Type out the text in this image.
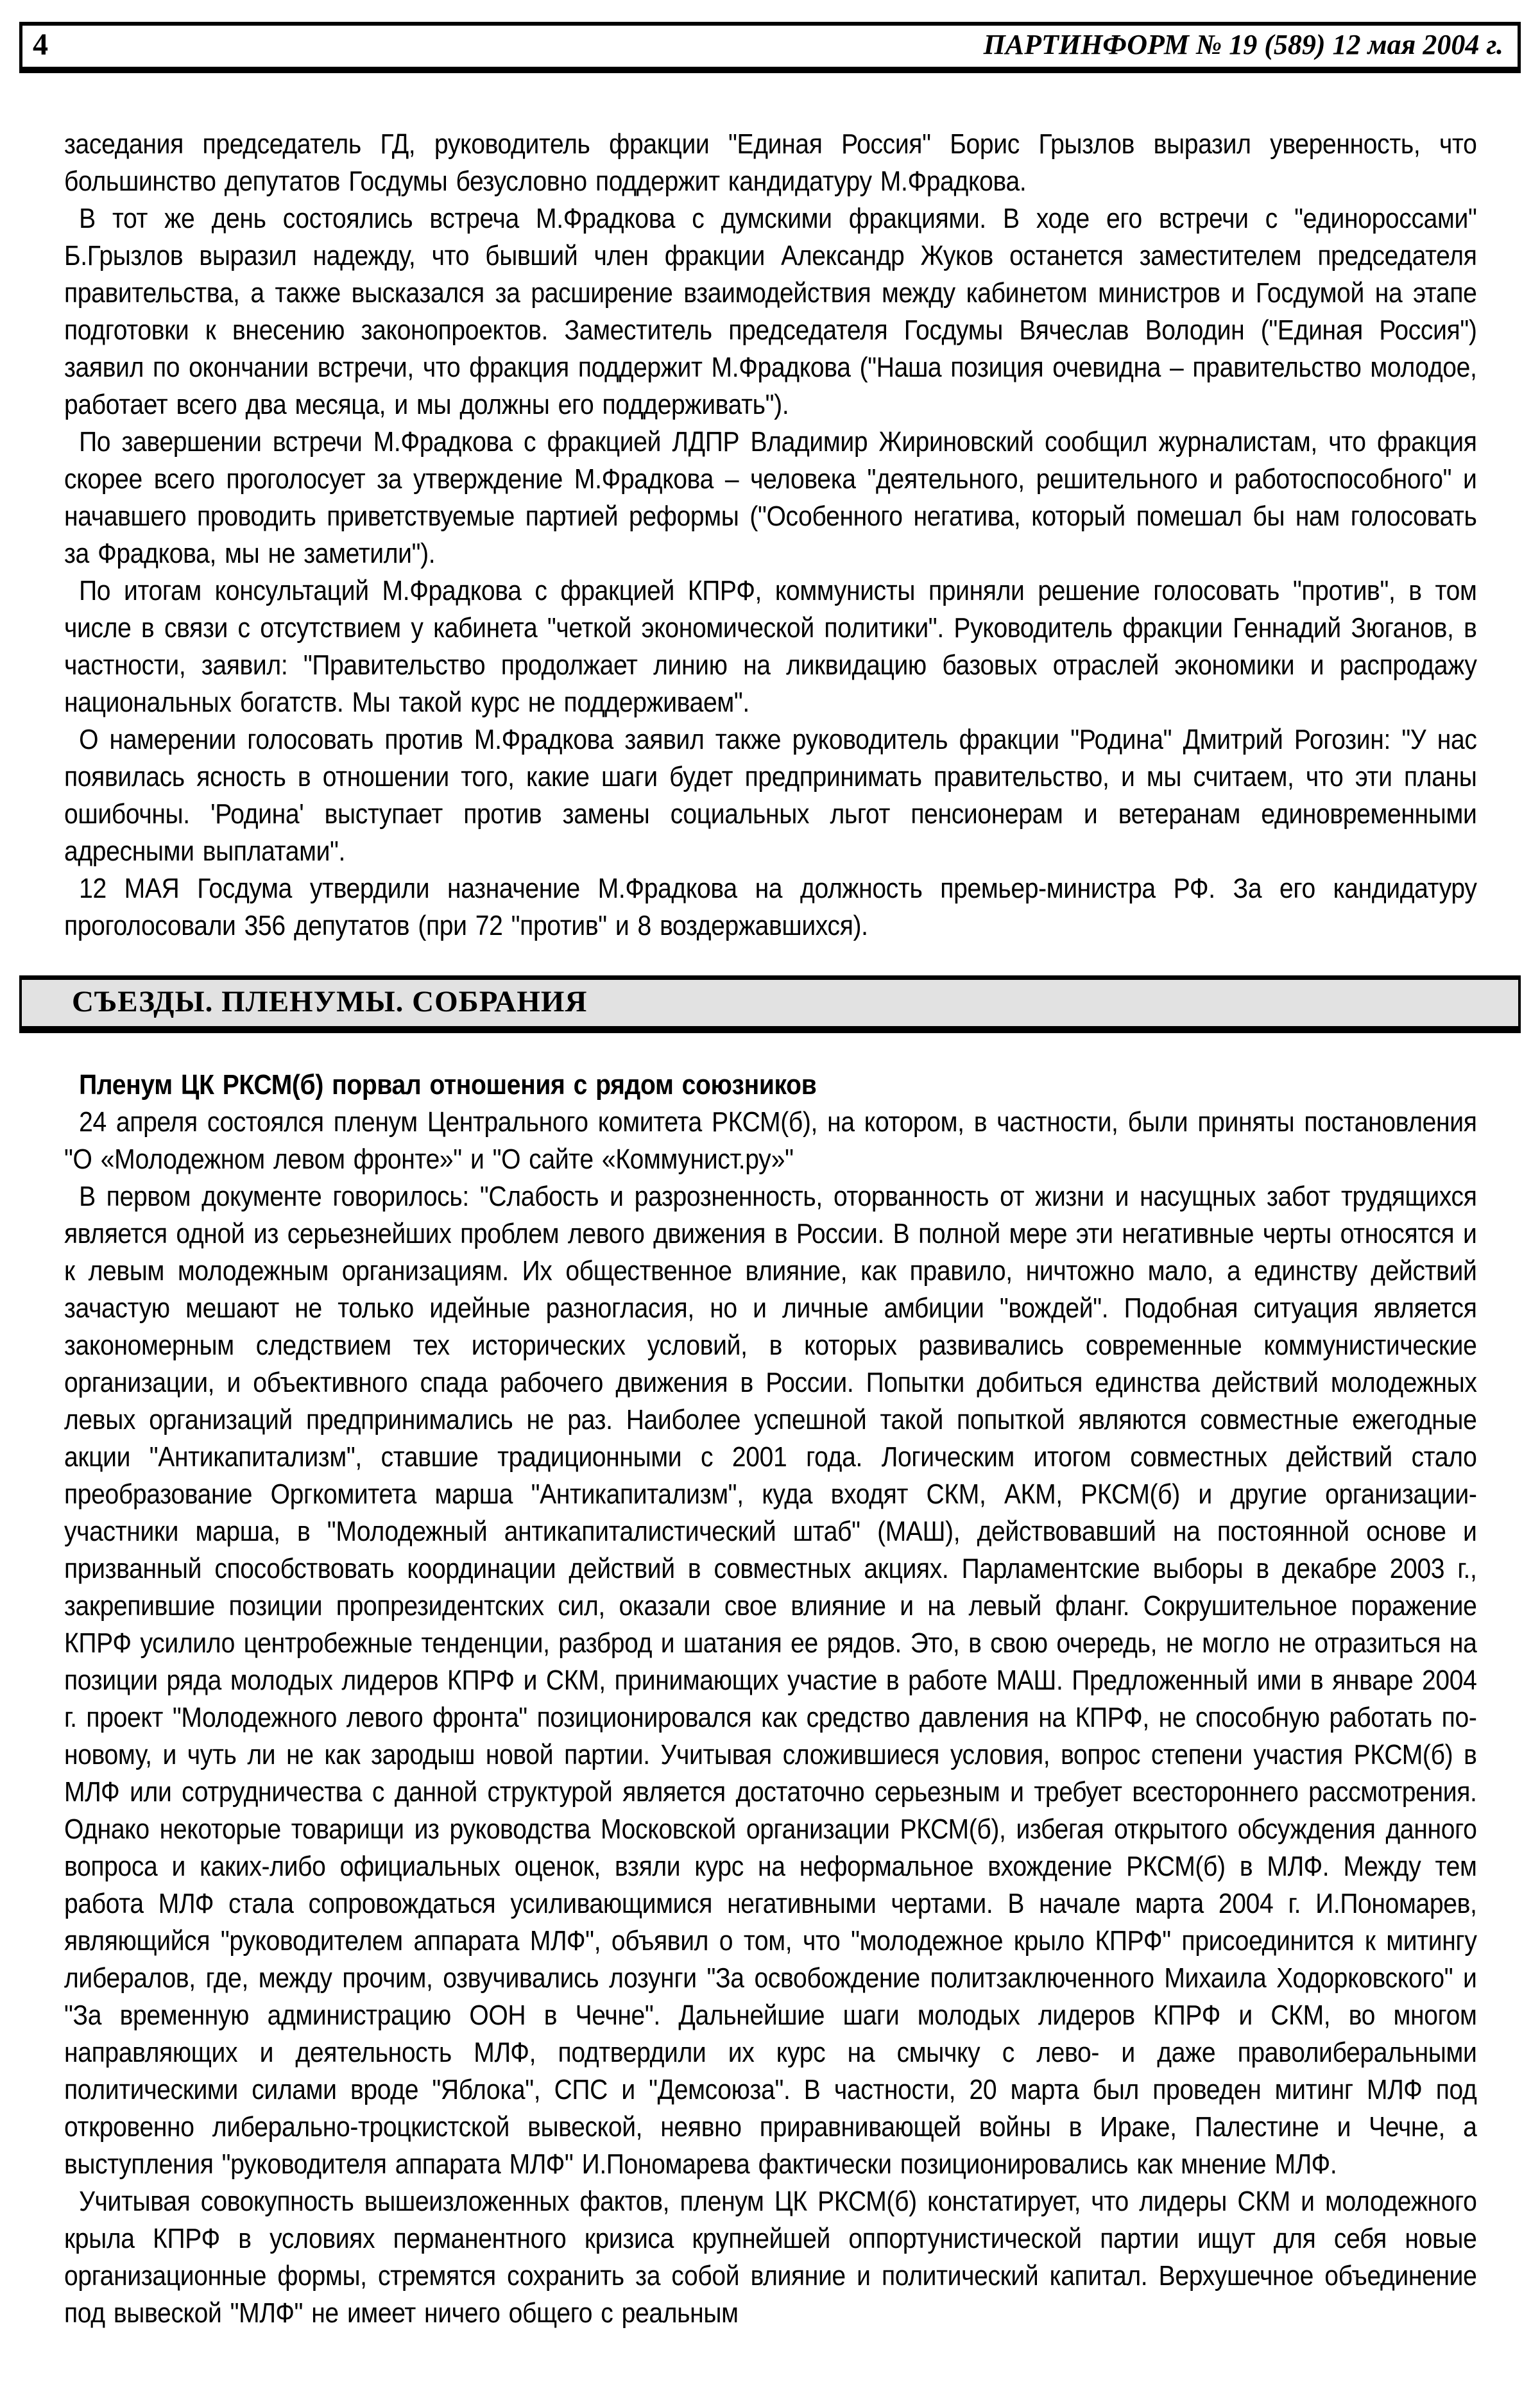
4	ПАРТИНФОРМ № 19 (589) 12 мая 2004 г.

заседания председатель ГД, руководитель фракции "Единая Россия" Борис Грызлов выразил уверенность, что большинство депутатов Госдумы безусловно поддержит кандидатуру М.Фрадкова.

В тот же день состоялись встреча М.Фрадкова с думскими фракциями. В ходе его встречи с "единороссами" Б.Грызлов выразил надежду, что бывший член фракции Александр Жуков останется заместителем председателя правительства, а также высказался за расширение взаимодействия между кабинетом министров и Госдумой на этапе подготовки к внесению законопроектов. Заместитель председателя Госдумы Вячеслав Володин ("Единая Россия") заявил по окончании встречи, что фракция поддержит М.Фрадкова ("Наша позиция очевидна – правительство молодое, работает всего два месяца, и мы должны его поддерживать").

По завершении встречи М.Фрадкова с фракцией ЛДПР Владимир Жириновский сообщил журналистам, что фракция скорее всего проголосует за утверждение М.Фрадкова – человека "деятельного, решительного и работоспособного" и начавшего проводить приветствуемые партией реформы ("Особенного негатива, который помешал бы нам голосовать за Фрадкова, мы не заметили").

По итогам консультаций М.Фрадкова с фракцией КПРФ, коммунисты приняли решение голосовать "против", в том числе в связи с отсутствием у кабинета "четкой экономической политики". Руководитель фракции Геннадий Зюганов, в частности, заявил: "Правительство продолжает линию на ликвидацию базовых отраслей экономики и распродажу национальных богатств. Мы такой курс не поддерживаем".

О намерении голосовать против М.Фрадкова заявил также руководитель фракции "Родина" Дмитрий Рогозин: "У нас появилась ясность в отношении того, какие шаги будет предпринимать правительство, и мы считаем, что эти планы ошибочны. 'Родина' выступает против замены социальных льгот пенсионерам и ветеранам единовременными адресными выплатами".

12 МАЯ Госдума утвердили назначение М.Фрадкова на должность премьер-министра РФ. За его кандидатуру проголосовали 356 депутатов (при 72 "против" и 8 воздержавшихся).

СЪЕЗДЫ. ПЛЕНУМЫ. СОБРАНИЯ

Пленум ЦК РКСМ(б) порвал отношения с рядом союзников

24 апреля состоялся пленум Центрального комитета РКСМ(б), на котором, в частности, были приняты постановления "О «Молодежном левом фронте»" и "О сайте «Коммунист.ру»"

В первом документе говорилось: "Слабость и разрозненность, оторванность от жизни и насущных забот трудящихся является одной из серьезнейших проблем левого движения в России. В полной мере эти негативные черты относятся и к левым молодежным организациям. Их общественное влияние, как правило, ничтожно мало, а единству действий зачастую мешают не только идейные разногласия, но и личные амбиции "вождей". Подобная ситуация является закономерным следствием тех исторических условий, в которых развивались современные коммунистические организации, и объективного спада рабочего движения в России. Попытки добиться единства действий молодежных левых организаций предпринимались не раз. Наиболее успешной такой попыткой являются совместные ежегодные акции "Антикапитализм", ставшие традиционными с 2001 года. Логическим итогом совместных действий стало преобразование Оргкомитета марша "Антикапитализм", куда входят СКМ, АКМ, РКСМ(б) и другие организации-участники марша, в "Молодежный антикапиталистический штаб" (МАШ), действовавший на постоянной основе и призванный способствовать координации действий в совместных акциях. Парламентские выборы в декабре 2003 г., закрепившие позиции пропрезидентских сил, оказали свое влияние и на левый фланг. Сокрушительное поражение КПРФ усилило центробежные тенденции, разброд и шатания ее рядов. Это, в свою очередь, не могло не отразиться на позиции ряда молодых лидеров КПРФ и СКМ, принимающих участие в работе МАШ. Предложенный ими в январе 2004 г. проект "Молодежного левого фронта" позиционировался как средство давления на КПРФ, не способную работать по-новому, и чуть ли не как зародыш новой партии. Учитывая сложившиеся условия, вопрос степени участия РКСМ(б) в МЛФ или сотрудничества с данной структурой является достаточно серьезным и требует всестороннего рассмотрения. Однако некоторые товарищи из руководства Московской организации РКСМ(б), избегая открытого обсуждения данного вопроса и каких-либо официальных оценок, взяли курс на неформальное вхождение РКСМ(б) в МЛФ. Между тем работа МЛФ стала сопровождаться усиливающимися негативными чертами. В начале марта 2004 г. И.Пономарев, являющийся "руководителем аппарата МЛФ", объявил о том, что "молодежное крыло КПРФ" присоединится к митингу либералов, где, между прочим, озвучивались лозунги "За освобождение политзаключенного Михаила Ходорковского" и "За временную администрацию ООН в Чечне". Дальнейшие шаги молодых лидеров КПРФ и СКМ, во многом направляющих и деятельность МЛФ, подтвердили их курс на смычку с лево- и даже праволиберальными политическими силами вроде "Яблока", СПС и "Демсоюза". В частности, 20 марта был проведен митинг МЛФ под откровенно либерально-троцкистской вывеской, неявно приравнивающей войны в Ираке, Палестине и Чечне, а выступления "руководителя аппарата МЛФ" И.Пономарева фактически позиционировались как мнение МЛФ.

Учитывая совокупность вышеизложенных фактов, пленум ЦК РКСМ(б) констатирует, что лидеры СКМ и молодежного крыла КПРФ в условиях перманентного кризиса крупнейшей оппортунистической партии ищут для себя новые организационные формы, стремятся сохранить за собой влияние и политический капитал. Верхушечное объединение под вывеской "МЛФ" не имеет ничего общего с реальным
